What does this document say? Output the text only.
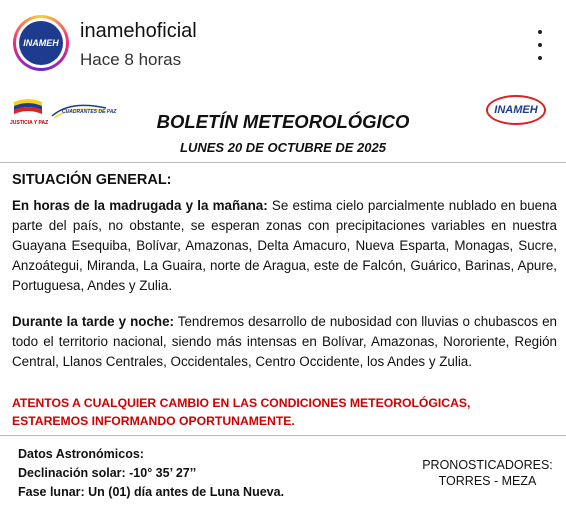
INAMEH
inamehoficial
Hace 8 horas
JUSTICIA Y PAZ
CUADRANTES DE PAZ	INAMEH
BOLETÍN METEOROLÓGICO
LUNES 20 DE OCTUBRE DE 2025
SITUACIÓN GENERAL:
En horas de la madrugada y la mañana: Se estima cielo parcialmente nublado en buena parte del país, no obstante, se esperan zonas con precipitaciones variables en nuestra Guayana Esequiba, Bolívar, Amazonas, Delta Amacuro, Nueva Esparta, Monagas, Sucre, Anzoátegui, Miranda, La Guaira, norte de Aragua, este de Falcón, Guárico, Barinas, Apure, Portuguesa, Andes y Zulia.
Durante la tarde y noche: Tendremos desarrollo de nubosidad con lluvias o chubascos en todo el territorio nacional, siendo más intensas en Bolívar, Amazonas, Nororiente, Región Central, Llanos Centrales, Occidentales, Centro Occidente, los Andes y Zulia.
ATENTOS A CUALQUIER CAMBIO EN LAS CONDICIONES METEOROLÓGICAS,
ESTAREMOS INFORMANDO OPORTUNAMENTE.
Datos Astronómicos:
Declinación solar: -10° 35’ 27’’
Fase lunar: Un (01) día antes de Luna Nueva.
PRONOSTICADORES:
TORRES - MEZA
